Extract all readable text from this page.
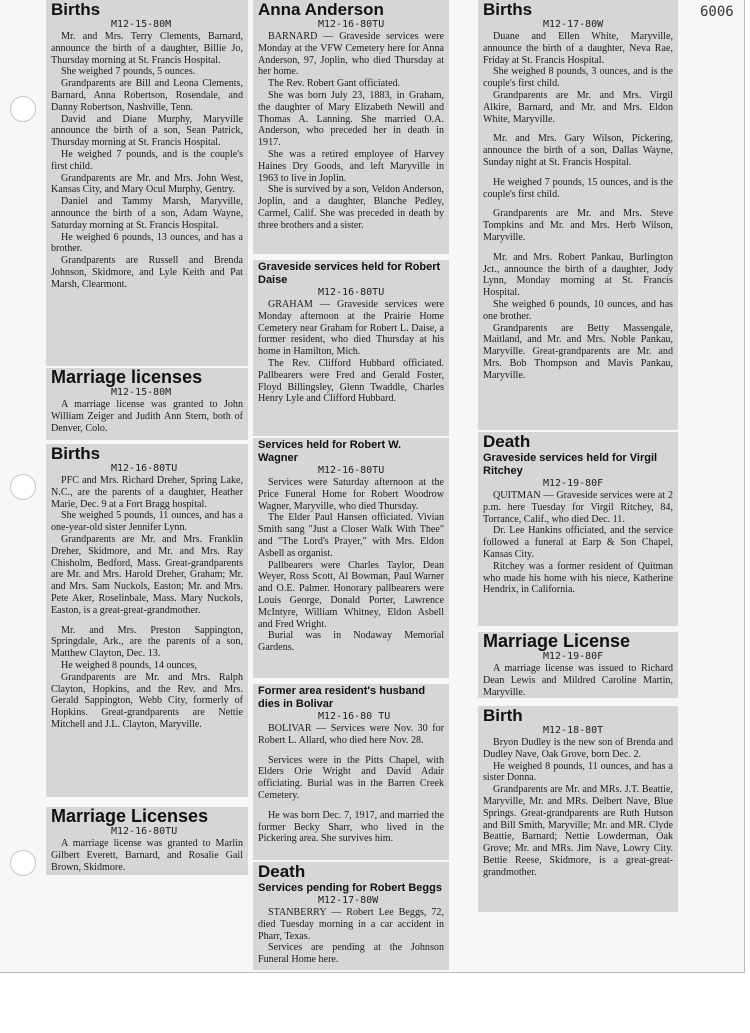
6006
Births
M12-15-80M

Mr. and Mrs. Terry Clements, Barnard, announce the birth of a daughter, Billie Jo, Thursday morning at St. Francis Hospital.

She weighed 7 pounds, 5 ounces.

Grandparents are Bill and Leona Clements, Barnard, Anna Robertson, Rosendale, and Danny Robertson, Nashville, Tenn.

David and Diane Murphy, Maryville announce the birth of a son, Sean Patrick, Thursday morning at St. Francis Hospital.

He weighed 7 pounds, and is the couple's first child.

Grandparents are Mr. and Mrs. John West, Kansas City, and Mary Ocul Murphy, Gentry.

Daniel and Tammy Marsh, Maryville, announce the birth of a son, Adam Wayne, Saturday morning at St. Francis Hospital.

He weighed 6 pounds, 13 ounces, and has a brother.

Grandparents are Russell and Brenda Johnson, Skidmore, and Lyle Keith and Pat Marsh, Clearmont.

Marriage licenses
M12-15-80M

A marriage license was granted to John William Zeiger and Judith Ann Stern, both of Denver, Colo.

Births
M12-16-80TU

PFC and Mrs. Richard Dreher, Spring Lake, N.C., are the parents of a daughter, Heather Marie, Dec. 9 at a Fort Bragg hospital.

She weighed 5 pounds, 11 ounces, and has a one-year-old sister Jennifer Lynn.

Grandparents are Mr. and Mrs. Franklin Dreher, Skidmore, and Mr. and Mrs. Ray Chisholm, Bedford, Mass. Great-grandparents are Mr. and Mrs. Harold Dreher, Graham; Mr. and Mrs. Sam Nuckols, Easton; Mr. and Mrs. Pete Aker, Roselinbale, Mass. Mary Nuckols, Easton, is a great-great-grandmother.

Mr. and Mrs. Preston Sappington, Springdale, Ark., are the parents of a son, Matthew Clayton, Dec. 13.

He weighed 8 pounds, 14 ounces,

Grandparents are Mr. and Mrs. Ralph Clayton, Hopkins, and the Rev. and Mrs. Gerald Sappington, Webb City, formerly of Hopkins. Great-grandparents are Nettie Mitchell and J.L. Clayton, Maryville.

Marriage Licenses
M12-16-80TU

A marriage license was granted to Marlin Gilbert Everett, Barnard, and Rosalie Gail Brown, Skidmore.

Anna Anderson
M12-16-80TU

BARNARD — Graveside services were Monday at the VFW Cemetery here for Anna Anderson, 97, Joplin, who died Thursday at her home.

The Rev. Robert Gant officiated.

She was born July 23, 1883, in Graham, the daughter of Mary Elizabeth Newill and Thomas A. Lanning. She married O.A. Anderson, who preceded her in death in 1917.

She was a retired employee of Harvey Haines Dry Goods, and left Maryville in 1963 to live in Joplin.

She is survived by a son, Veldon Anderson, Joplin, and a daughter, Blanche Pedley, Carmel, Calif. She was preceded in death by three brothers and a sister.

Graveside services held for Robert Daise
M12-16-80TU

GRAHAM — Graveside services were Monday afternoon at the Prairie Home Cemetery near Graham for Robert L. Daise, a former resident, who died Thursday at his home in Hamilton, Mich.

The Rev. Clifford Hubbard officiated. Pallbearers were Fred and Gerald Foster, Floyd Billingsley, Glenn Twaddle, Charles Henry Lyle and Clifford Hubbard.

Services held for Robert W. Wagner
M12-16-80TU

Services were Saturday afternoon at the Price Funeral Home for Robert Woodrow Wagner, Maryville, who died Thursday.

The Elder Paul Hansen officiated. Vivian Smith sang "Just a Closer Walk With Thee" and "The Lord's Prayer," with Mrs. Eldon Asbell as organist.

Pallbearers were Charles Taylor, Dean Weyer, Ross Scott, Al Bowman, Paul Warner and O.E. Palmer. Honorary pallbearers were Louis George, Donald Porter, Lawrence McIntyre, William Whitney, Eldon Asbell and Fred Wright.

Burial was in Nodaway Memorial Gardens.

Former area resident's husband dies in Bolivar
M12-16-80 TU

BOLIVAR — Services were Nov. 30 for Robert L. Allard, who died here Nov. 28.

Services were in the Pitts Chapel, with Elders Orie Wright and David Adair officiating. Burial was in the Barren Creek Cemetery.

He was born Dec. 7, 1917, and married the former Becky Sharr, who lived in the Pickering area. She survives him.

Death
Services pending for Robert Beggs
M12-17-80W

STANBERRY — Robert Lee Beggs, 72, died Tuesday morning in a car accident in Pharr, Texas.

Services are pending at the Johnson Funeral Home here.

Births
M12-17-80W

Duane and Ellen White, Maryville, announce the birth of a daughter, Neva Rae, Friday at St. Francis Hospital.

She weighed 8 pounds, 3 ounces, and is the couple's first child.

Grandparents are Mr. and Mrs. Virgil Alkire, Barnard, and Mr. and Mrs. Eldon White, Maryville.

Mr. and Mrs. Gary Wilson, Pickering, announce the birth of a son, Dallas Wayne, Sunday night at St. Francis Hospital.

He weighed 7 pounds, 15 ounces, and is the couple's first child.

Grandparents are Mr. and Mrs. Steve Tompkins and Mr. and Mrs. Herb Wilson, Maryville.

Mr. and Mrs. Robert Pankau, Burlington Jct., announce the birth of a daughter, Jody Lynn, Monday morning at St. Francis Hospital.

She weighed 6 pounds, 10 ounces, and has one brother.

Grandparents are Betty Massengale, Maitland, and Mr. and Mrs. Noble Pankau, Maryville. Great-grandparents are Mr. and Mrs. Bob Thompson and Mavis Pankau, Maryville.

Death
Graveside services held for Virgil Ritchey
M12-19-80F

QUITMAN — Graveside services were at 2 p.m. here Tuesday for Virgil Ritchey, 84, Torrance, Calif., who died Dec. 11.

Dr. Lee Hankins officiated, and the service followed a funeral at Earp & Son Chapel, Kansas City.

Ritchey was a former resident of Quitman who made his home with his niece, Katherine Hendrix, in California.

Marriage License
M12-19-80F

A marriage license was issued to Richard Dean Lewis and Mildred Caroline Martin, Maryville.

Birth
M12-18-80T

Bryon Dudley is the new son of Brenda and Dudley Nave, Oak Grove, born Dec. 2.

He weighed 8 pounds, 11 ounces, and has a sister Donna.

Grandparents are Mr. and MRs. J.T. Beattie, Maryville, Mr. and MRs. Delbert Nave, Blue Springs. Great-grandparents are Ruth Hutson and Bill Smith, Maryville; Mr. and MR. Clyde Beattie, Barnard; Nettie Lowderman, Oak Grove; Mr. and MRs. Jim Nave, Lowry City. Bettie Reese, Skidmore, is a great-great-grandmother.
